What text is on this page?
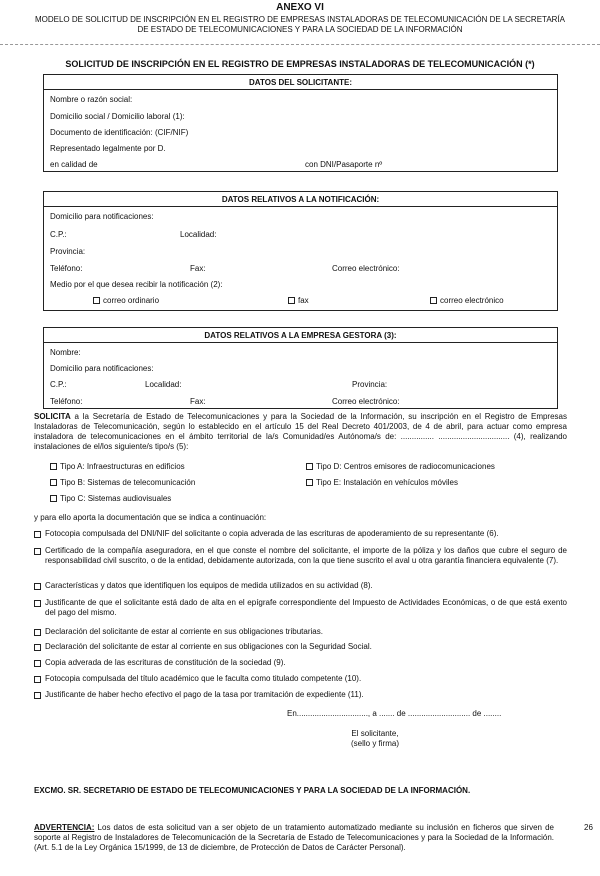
ANEXO VI
MODELO DE SOLICITUD DE INSCRIPCIÓN EN EL REGISTRO DE EMPRESAS INSTALADORAS DE TELECOMUNICACIÓN DE LA SECRETARÍA
DE ESTADO DE TELECOMUNICACIONES Y PARA LA SOCIEDAD DE LA INFORMACIÓN
SOLICITUD DE INSCRIPCIÓN EN EL REGISTRO DE EMPRESAS INSTALADORAS DE TELECOMUNICACIÓN (*)
DATOS DEL SOLICITANTE:
Nombre o razón social:
Domicilio social / Domicilio laboral (1):
Documento de identificación: (CIF/NIF)
Representado legalmente por D.
en calidad de	con DNI/Pasaporte nº
DATOS RELATIVOS A LA NOTIFICACIÓN:
Domicilio para notificaciones:
C.P.:	Localidad:
Provincia:
Teléfono:	Fax:	Correo electrónico:
Medio por el que desea recibir la notificación (2):
correo ordinario	fax	correo electrónico
DATOS RELATIVOS A LA EMPRESA GESTORA (3):
Nombre:
Domicilio para notificaciones:
C.P.:	Localidad:	Provincia:
Teléfono:	Fax:	Correo electrónico:
SOLICITA a la Secretaría de Estado de Telecomunicaciones y para la Sociedad de la Información, su inscripción en el Registro de Empresas Instaladoras de Telecomunicación, según lo establecido en el artículo 15 del Real Decreto 401/2003, de 4 de abril, para actuar como empresa instaladora de telecomunicaciones en el ámbito territorial de la/s Comunidad/es Autónoma/s de: ............... ................................ (4), realizando instalaciones de el/los siguiente/s tipo/s (5):
Tipo A: Infraestructuras en edificios	Tipo D: Centros emisores de radiocomunicaciones
Tipo B: Sistemas de telecomunicación	Tipo E: Instalación en vehículos móviles
Tipo C: Sistemas audiovisuales
y para ello aporta la documentación que se indica a continuación:
Fotocopia compulsada del DNI/NIF del solicitante o copia adverada de las escrituras de apoderamiento de su representante (6).
Certificado de la compañía aseguradora, en el que conste el nombre del solicitante, el importe de la póliza y los daños que cubre el seguro de responsabilidad civil suscrito, o de la entidad, debidamente autorizada, con la que tiene suscrito el aval u otra garantía financiera equivalente (7).
Características y datos que identifiquen los equipos de medida utilizados en su actividad (8).
Justificante de que el solicitante está dado de alta en el epígrafe correspondiente del Impuesto de Actividades Económicas, o de que está exento del pago del mismo.
Declaración del solicitante de estar al corriente en sus obligaciones tributarias.
Declaración del solicitante de estar al corriente en sus obligaciones con la Seguridad Social.
Copia adverada de las escrituras de constitución de la sociedad (9).
Fotocopia compulsada del título académico que le faculta como titulado competente (10).
Justificante de haber hecho efectivo el pago de la tasa por tramitación de expediente (11).
En................................, a ....... de ............................ de ........
El solicitante,
(sello y firma)
EXCMO. SR. SECRETARIO DE ESTADO DE TELECOMUNICACIONES Y PARA LA SOCIEDAD DE LA INFORMACIÓN.
ADVERTENCIA: Los datos de esta solicitud van a ser objeto de un tratamiento automatizado mediante su inclusión en ficheros que sirven de soporte al Registro de Instaladores de Telecomunicación de la Secretaría de Estado de Telecomunicaciones y para la Sociedad de la Información. (Art. 5.1 de la Ley Orgánica 15/1999, de 13 de diciembre, de Protección de Datos de Carácter Personal).
26
